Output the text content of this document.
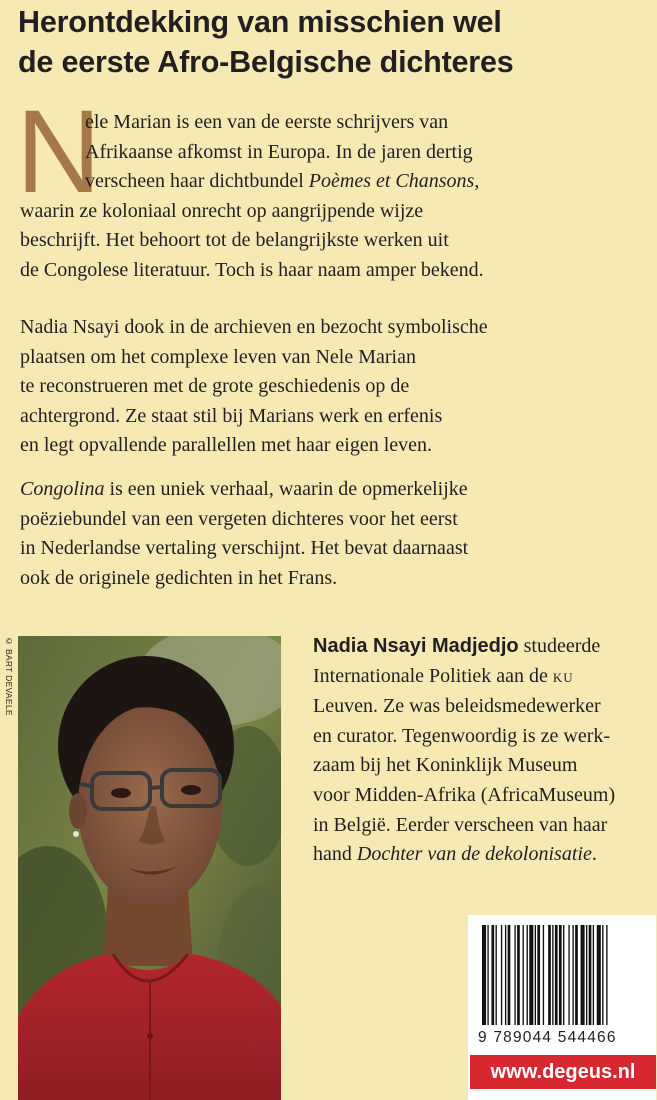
Herontdekking van misschien wel
de eerste Afro-Belgische dichteres
N
ele Marian is een van de eerste schrijvers van
Afrikaanse afkomst in Europa. In de jaren dertig
verscheen haar dichtbundel Poèmes et Chansons,
waarin ze koloniaal onrecht op aangrijpende wijze
beschrijft. Het behoort tot de belangrijkste werken uit
de Congolese literatuur. Toch is haar naam amper bekend.
Nadia Nsayi dook in de archieven en bezocht symbolische
plaatsen om het complexe leven van Nele Marian
te reconstrueren met de grote geschiedenis op de
achtergrond. Ze staat stil bij Marians werk en erfenis
en legt opvallende parallellen met haar eigen leven.
Congolina is een uniek verhaal, waarin de opmerkelijke
poëziebundel van een vergeten dichteres voor het eerst
in Nederlandse vertaling verschijnt. Het bevat daarnaast
ook de originele gedichten in het Frans.
© BART DEVAELE	Nadia Nsayi Madjedjo studeerde
Internationale Politiek aan de KU
Leuven. Ze was beleidsmedewerker
en curator. Tegenwoordig is ze werk-
zaam bij het Koninklijk Museum
voor Midden-Afrika (AfricaMuseum)
in België. Eerder verscheen van haar
hand Dochter van de dekolonisatie.
9 789044 544466
www.degeus.nl
